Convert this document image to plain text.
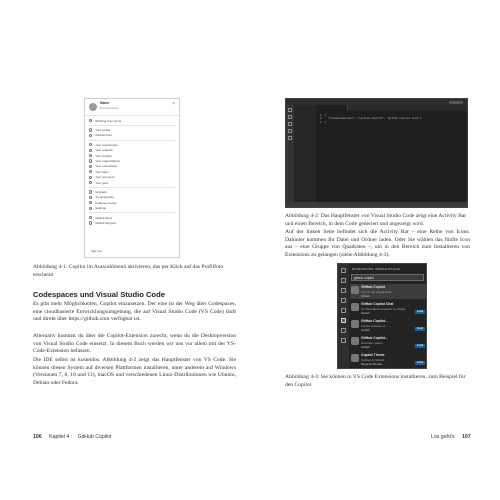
Name
Benutzername
×
Working from home
Your profile
Add account
Your repositories
Your projects
Your Copilot
Your organizations
Your enterprises
Your stars
Your sponsors
Your gists
Upgrade
Try Enterprise
Feature preview
Settings
GitHub Docs
GitHub Support
Sign out
Abbildung 4-1: Copilot im Auswahlmenü aktivieren, das per Klick auf das Profilfoto erscheint
Codespaces und Visual Studio Code
Es gibt mehr Möglichkeiten, Copilot einzusetzen. Der eine ist der Weg über Codespaces, eine cloudbasierte Entwicklungsumgebung, die auf Visual Studio Code (VS Code) läuft und direkt über https://github.com verfügbar ist.
Alternativ kommst du über die Copilot-Extension zurecht, wenn du die Desktopversion von Visual Studio Code einsetzt. In diesem Buch werden wir uns vor allem mit der VS-Code-Extension befassen.
Die IDE selbst ist kostenlos. Abbildung 4-2 zeigt das Hauptfenster von VS Code. Sie können diesen System auf diversen Plattformen installieren, unter anderem auf Windows (Versionen 7, 8, 10 und 11), macOS und verschiedenen Linux-Distributionen wie Ubuntu, Debian oder Fedora.
106 Kapitel 4 : GitHub Copilot
1  {
2    "recommendations": ["github.copilot", "github.copilot-chat"]
3  }
Abbildung 4-2: Das Hauptfenster von Visual Studio Code zeigt eine Activity Bar und einen Bereich, in dem Code generiert und angezeigt wird.
Auf der linken Seite befindet sich die Activity Bar – eine Reihe von Icons. Dahinter kommen Ihr Datei und Ordner laden. Oder Sie wählen das fünfte Icon aus – eine Gruppe von Quadraten –, um in den Bereich zum Installieren von Extensions zu gelangen (siehe Abbildung 4-3).
EXTENSIONS: MARKETPLACE
github copilot
GitHub Copilot
Your AI pair programmer
GitHub
GitHub Copilot Chat
AI chat features powered by Copilot
GitHub	Install
GitHub Copilot...
A quick overview of...
GitHub	Install
GitHub Copilot...
Generate custom...
GitHub	Install
Copilot Theme
Inspired by GitHub...
Benjamin Benais	Install
Abbildung 4-3: Sie können in VS Code Extensions installieren, zum Beispiel für den Copilot
Los geht's 107
